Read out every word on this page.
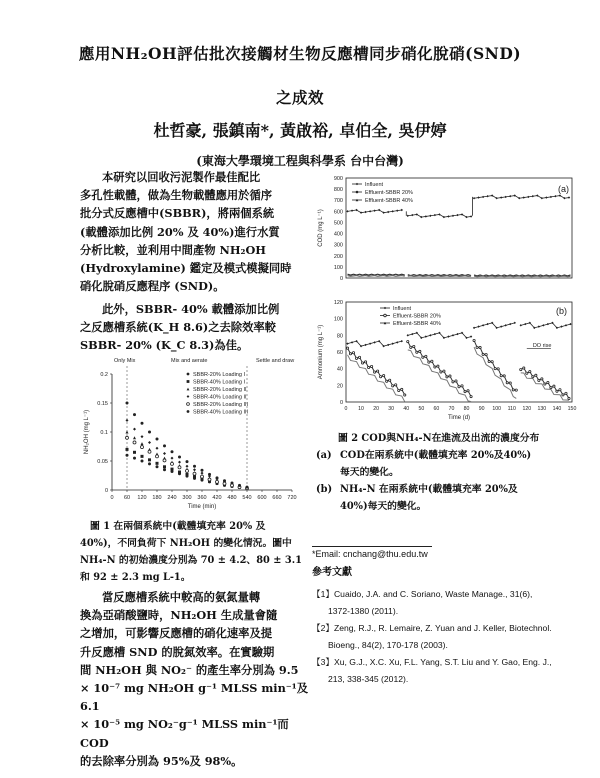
應用NH₂OH評估批次接觸材生物反應槽同步硝化脫硝(SND)
之成效
杜哲豪, 張鎮南*, 黃啟裕, 卓伯全, 吳伊婷
(東海大學環境工程與科學系 台中台灣)

本研究以回收污泥製作最佳配比

多孔性載體，做為生物載體應用於循序

批分式反應槽中(SBBR)，將兩個系統

(載體添加比例 20% 及 40%)進行水質

分析比較，並利用中間產物 NH₂OH

(Hydroxylamine) 鑑定及模式模擬同時

硝化脫硝反應程序 (SND)。

此外，SBBR- 40% 載體添加比例

之反應槽系統(K_H 8.6)之去除效率較

SBBR- 20% (K_C 8.3)為佳。

Only Mix	Mix and aerate	Settle and draw
0 60 120 180 240 300 360 420 480 540 600 660 720
0
0.05
0.1
0.15
0.2
Time (min)
NH₂OH (mg L⁻¹)
SBBR-20% Loading I
SBBR-40% Loading I
SBBR-20% Loading II
SBBR-40% Loading II
SBBR-20% Loading III
SBBR-40% Loading III
圖 1 在兩個系統中(載體填充率 20% 及
40%)，不同負荷下 NH₂OH 的變化情況。圖中
NH₄-N 的初始濃度分別為 70 ± 4.2、80 ± 3.1
和 92 ± 2.3 mg L-1。

當反應槽系統中較高的氨氮量轉

換為亞硝酸鹽時，NH₂OH 生成量會隨

之增加，可影響反應槽的硝化速率及提

升反應槽 SND 的脫氮效率。在實驗期

間 NH₂OH 與 NO₂⁻ 的產生率分別為 9.5

× 10⁻⁷ mg NH₂OH g⁻¹ MLSS min⁻¹及 6.1

× 10⁻⁵ mg NO₂⁻g⁻¹ MLSS min⁻¹而 COD

的去除率分別為 95%及 98%。

0
100
200
300
400
500
600
700
800
900
COD (mg L⁻¹)
(a)
Influent
Effluent-SBBR 20%
Effluent-SBBR 40%
0
20
40
60
80
100
120
0 10 20 30 40 50 60 70 80 90 100 110 120 130 140 150
Time (d)
Ammonium (mg L⁻¹)
(b)
DO rise
Influent
Effluent-SBBR 20%
Effluent-SBBR 40%
圖 2 COD與NH₄-N在進流及出流的濃度分布
(a) COD在兩系統中(載體填充率 20%及40%)
每天的變化。
(b) NH₄-N 在兩系統中(載體填充率 20%及
40%)每天的變化。
*Email: cnchang@thu.edu.tw
參考文獻
【1】Cuaido, J.A. and C. Soriano, Waste Manage., 31(6),
1372-1380 (2011).
【2】Zeng, R.J., R. Lemaire, Z. Yuan and J. Keller, Biotechnol.
Bioeng., 84(2), 170-178 (2003).
【3】Xu, G.J., X.C. Xu, F.L. Yang, S.T. Liu and Y. Gao, Eng. J.,
213, 338-345 (2012).
